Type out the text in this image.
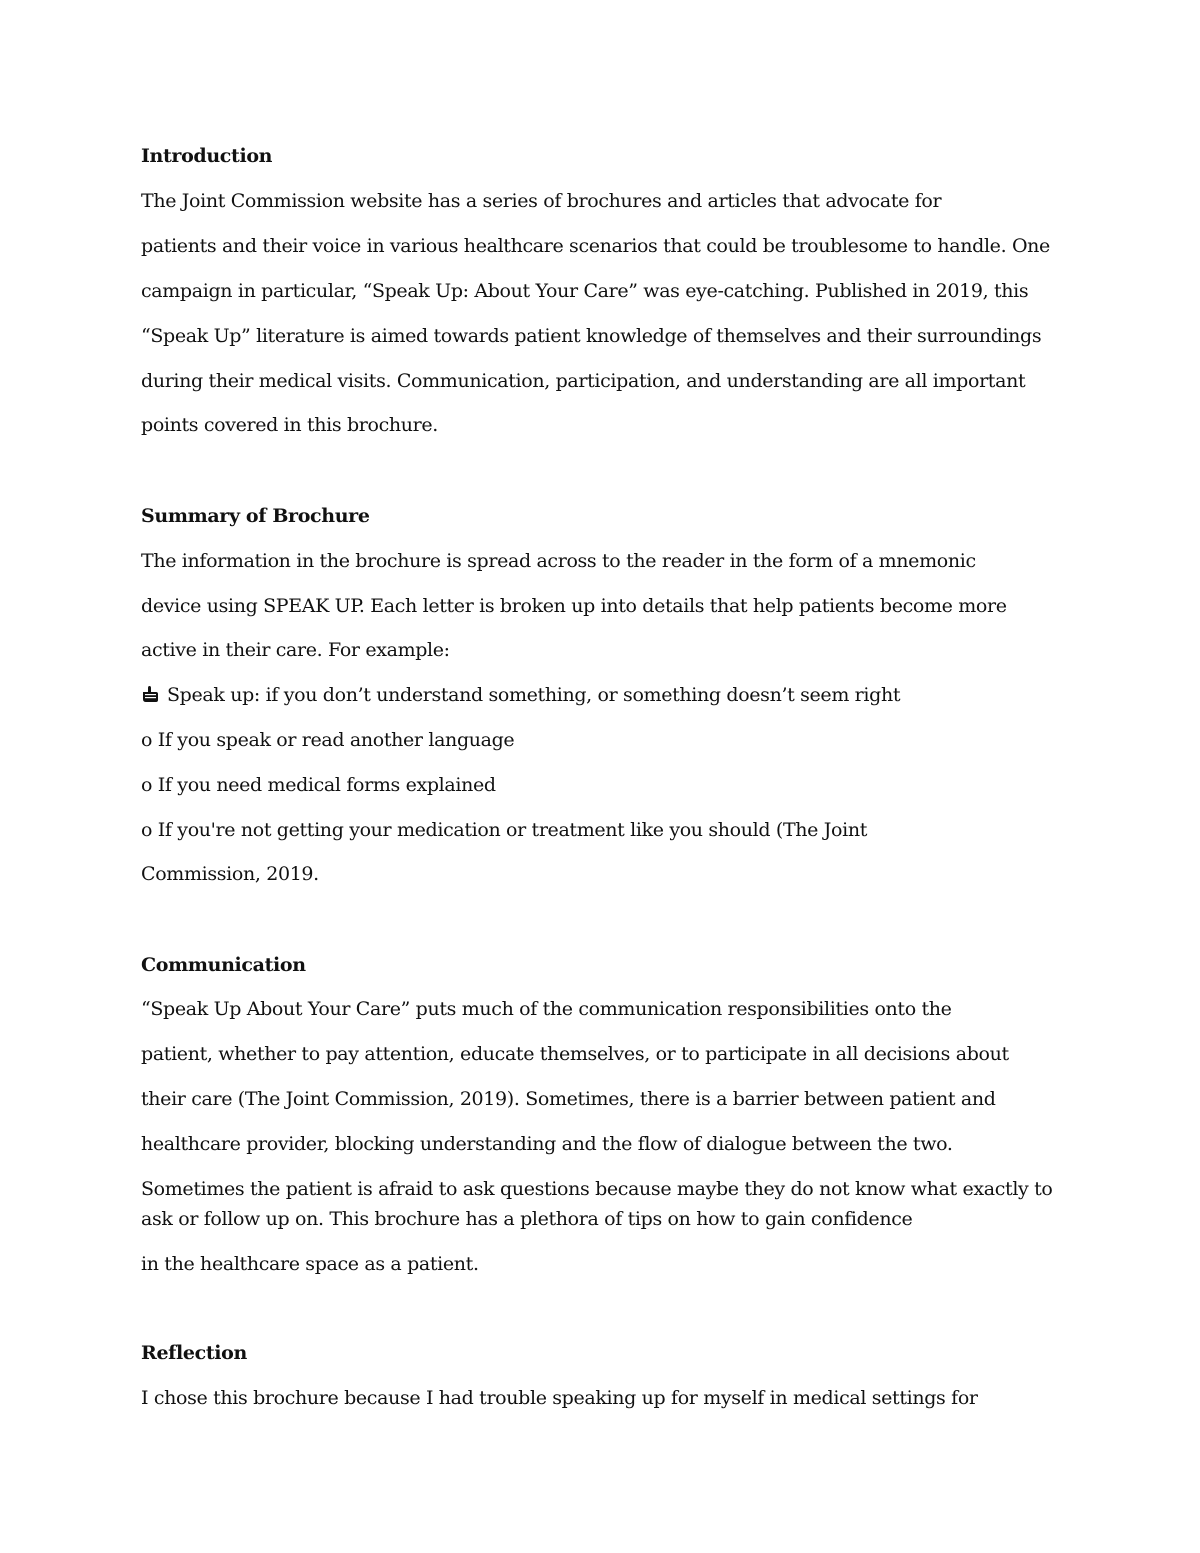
Introduction
The Joint Commission website has a series of brochures and articles that advocate for
patients and their voice in various healthcare scenarios that could be troublesome to handle. One
campaign in particular, “Speak Up: About Your Care” was eye-catching. Published in 2019, this
“Speak Up” literature is aimed towards patient knowledge of themselves and their surroundings
during their medical visits. Communication, participation, and understanding are all important
points covered in this brochure.
Summary of Brochure
The information in the brochure is spread across to the reader in the form of a mnemonic
device using SPEAK UP. Each letter is broken up into details that help patients become more
active in their care. For example:
Speak up: if you don’t understand something, or something doesn’t seem right
o If you speak or read another language
o If you need medical forms explained
o If you're not getting your medication or treatment like you should (The Joint
Commission, 2019.
Communication
“Speak Up About Your Care” puts much of the communication responsibilities onto the
patient, whether to pay attention, educate themselves, or to participate in all decisions about
their care (The Joint Commission, 2019). Sometimes, there is a barrier between patient and
healthcare provider, blocking understanding and the flow of dialogue between the two.
Sometimes the patient is afraid to ask questions because maybe they do not know what exactly to
ask or follow up on. This brochure has a plethora of tips on how to gain confidence
in the healthcare space as a patient.
Reflection
I chose this brochure because I had trouble speaking up for myself in medical settings for
